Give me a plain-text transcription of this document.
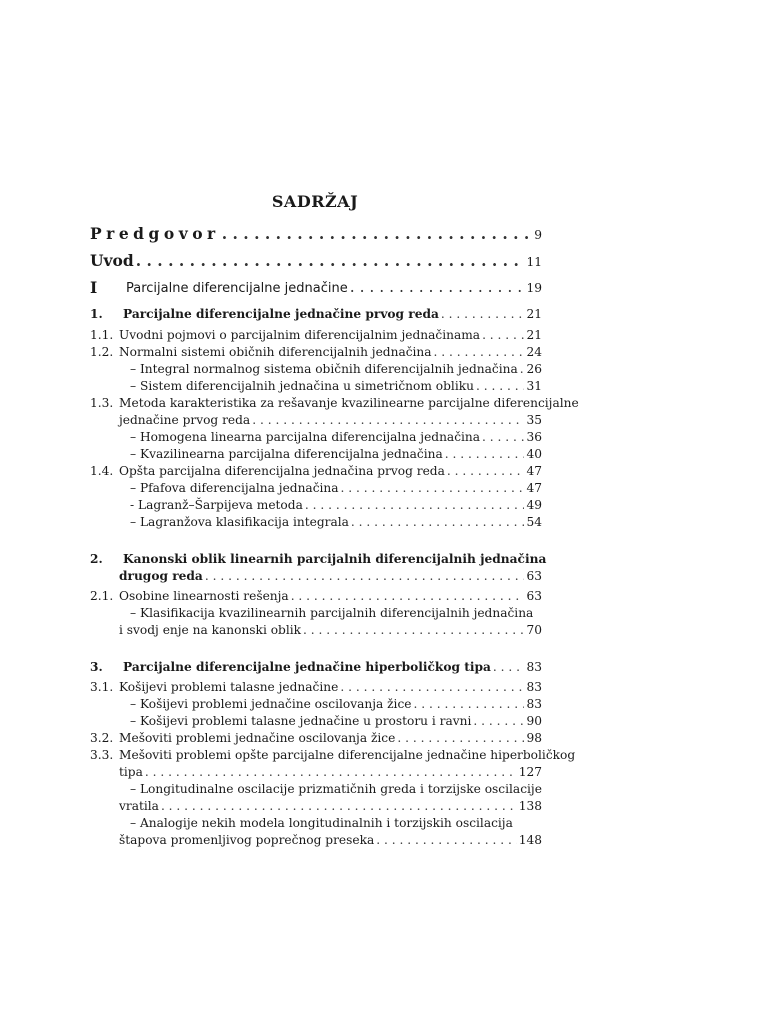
SADRŽAJ
Predgovor . . .	9
Uvod . . .	11
I Parcijalne diferencijalne jednačine . . .	19
1. Parcijalne diferencijalne jednačine prvog reda . . .	21
1.1. Uvodni pojmovi o parcijalnim diferencijalnim jednačinama . . .	21
1.2. Normalni sistemi običnih diferencijalnih jednačina . . .	24
– Integral normalnog sistema običnih diferencijalnih jednačina . . . 26
– Sistem diferencijalnih jednačina u simetričnom obliku . . .	31
1.3. Metoda karakteristika za rešavanje kvazilinearne parcijalne diferencijalne
jednačine prvog reda . . .	35
– Homogena linearna parcijalna diferencijalna jednačina . . .	36
– Kvazilinearna parcijalna diferencijalna jednačina . . .	40
1.4. Opšta parcijalna diferencijalna jednačina prvog reda . . .	47
– Pfafova diferencijalna jednačina . . .	47
- Lagranž–Šarpijeva metoda . . .	49
– Lagranžova klasifikacija integrala . . .	54
2.	Kanonski oblik linearnih parcijalnih diferencijalnih jednačina
drugog reda . . .	63
2.1. Osobine linearnosti rešenja . . .	63
– Klasifikacija kvazilinearnih parcijalnih diferencijalnih jednačina
i svodj enje na kanonski oblik . . .	70
3. Parcijalne diferencijalne jednačine hiperboličkog tipa . . .	83
3.1. Košijevi problemi talasne jednačine . . .	83
– Košijevi problemi jednačine oscilovanja žice . . .	83
– Košijevi problemi talasne jednačine u prostoru i ravni . . .	90
3.2. Mešoviti problemi jednačine oscilovanja žice . . .	98
3.3. Mešoviti problemi opšte parcijalne diferencijalne jednačine hiperboličkog
tipa . . .	127
– Longitudinalne oscilacije prizmatičnih greda i torzijske oscilacije
vratila . . .	138
– Analogije nekih modela longitudinalnih i torzijskih oscilacija
štapova promenljivog poprečnog preseka . . .	148
